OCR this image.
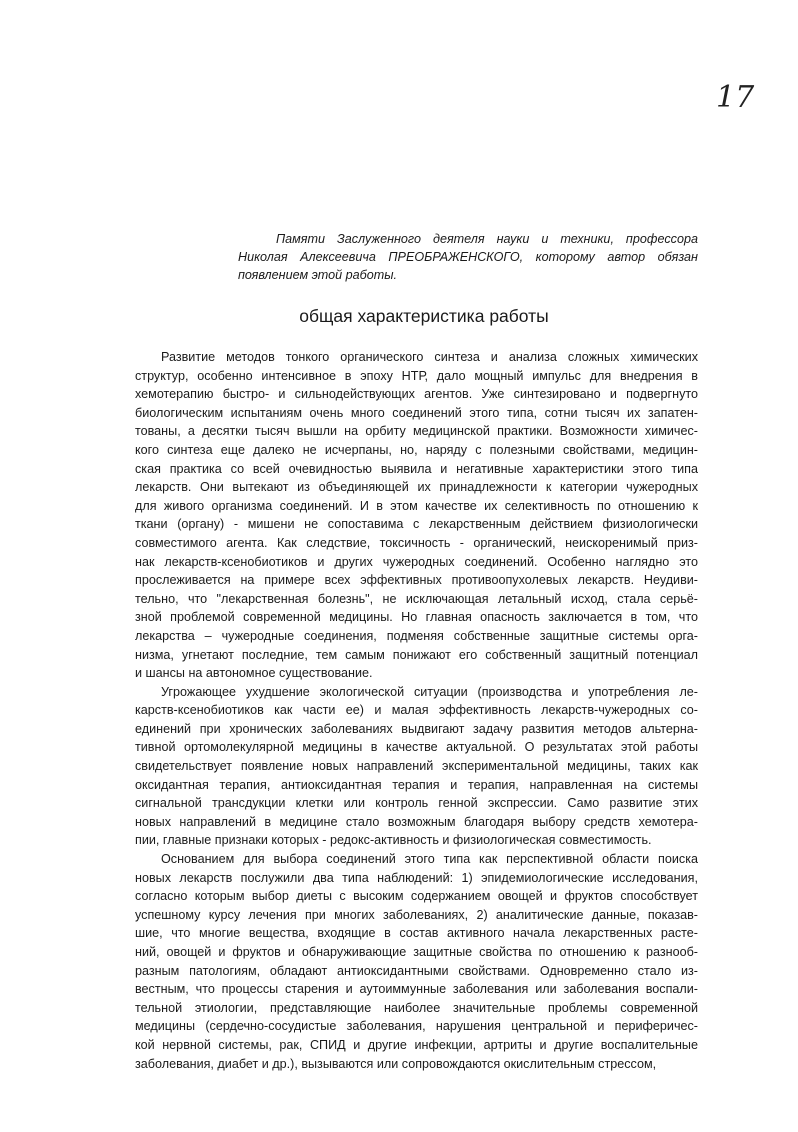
17
Памяти Заслуженного деятеля науки и техники, профессора
Николая Алексеевича ПРЕОБРАЖЕНСКОГО, которому автор обязан
появлением этой работы.
общая характеристика работы
Развитие методов тонкого органического синтеза и анализа сложных химических
структур, особенно интенсивное в эпоху НТР, дало мощный импульс для внедрения в
хемотерапию быстро- и сильнодействующих агентов. Уже синтезировано и подвергнуто
биологическим испытаниям очень много соединений этого типа, сотни тысяч их запатен-
тованы, а десятки тысяч вышли на орбиту медицинской практики. Возможности химичес-
кого синтеза еще далеко не исчерпаны, но, наряду с полезными свойствами, медицин-
ская практика со всей очевидностью выявила и негативные характеристики этого типа
лекарств. Они вытекают из объединяющей их принадлежности к категории чужеродных
для живого организма соединений. И в этом качестве их селективность по отношению к
ткани (органу) - мишени не сопоставима с лекарственным действием физиологически
совместимого агента. Как следствие, токсичность - органический, неискоренимый приз-
нак лекарств-ксенобиотиков и других чужеродных соединений. Особенно наглядно это
прослеживается на примере всех эффективных противоопухолевых лекарств. Неудиви-
тельно, что "лекарственная болезнь", не исключающая летальный исход, стала серьё-
зной проблемой современной медицины. Но главная опасность заключается в том, что
лекарства – чужеродные соединения, подменяя собственные защитные системы орга-
низма, угнетают последние, тем самым понижают его собственный защитный потенциал
и шансы на автономное существование.
Угрожающее ухудшение экологической ситуации (производства и употребления ле-
карств-ксенобиотиков как части ее) и малая эффективность лекарств-чужеродных со-
единений при хронических заболеваниях выдвигают задачу развития методов альтерна-
тивной ортомолекулярной медицины в качестве актуальной. О результатах этой работы
свидетельствует появление новых направлений экспериментальной медицины, таких как
оксидантная терапия, антиоксидантная терапия и терапия, направленная на системы
сигнальной трансдукции клетки или контроль генной экспрессии. Само развитие этих
новых направлений в медицине стало возможным благодаря выбору средств хемотера-
пии, главные признаки которых - редокс-активность и физиологическая совместимость.
Основанием для выбора соединений этого типа как перспективной области поиска
новых лекарств послужили два типа наблюдений: 1) эпидемиологические исследования,
согласно которым выбор диеты с высоким содержанием овощей и фруктов способствует
успешному курсу лечения при многих заболеваниях, 2) аналитические данные, показав-
шие, что многие вещества, входящие в состав активного начала лекарственных расте-
ний, овощей и фруктов и обнаруживающие защитные свойства по отношению к разнооб-
разным патологиям, обладают антиоксидантными свойствами. Одновременно стало из-
вестным, что процессы старения и аутоиммунные заболевания или заболевания воспали-
тельной этиологии, представляющие наиболее значительные проблемы современной
медицины (сердечно-сосудистые заболевания, нарушения центральной и периферичес-
кой нервной системы, рак, СПИД и другие инфекции, артриты и другие воспалительные
заболевания, диабет и др.), вызываются или сопровождаются окислительным стрессом,
